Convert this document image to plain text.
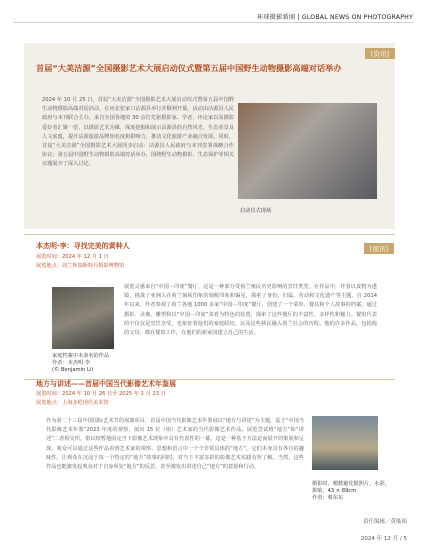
环球摄影新闻 | GLOBAL NEWS ON PHOTOGRAPHY
[资讯]
首届“大美洁源”全国摄影艺术大展启动仪式暨第五届中国野生动物摄影高端对话举办
2024 年 10 月 25 日，首届“大美洁源”全国摄影艺术大展启动仪式暨第五届中国野生动物摄影高端对话活动，在河北张家口沽源县举行并顺利开幕。活动由沽源县人民政府与本刊联合主办，来自全国各地的 30 余位先驱摄影家、学者、评论家以及摄影爱好者汇聚一堂，以摄影艺术为媒，深度挖掘和展示沽源县的自然风光、生态美景及人文底蕴，提升沽源旅游品牌知名度和影响力，推动文化旅游产业融合发展。同时，首届“大美洁源”全国摄影艺术大展同步启动：沽源县人民政府与本刊签署战略合作协议；第五届中国野生动物摄影高端对话举办，围绕野生动物摄影、生态保护等相关议题展开了深入讨论。
启动仪式现场
[展讯]
本杰明·李：寻找完美的黄种人
展览时间：2024 年 12 月 1 日
展览地点：周兰辉瑞斯特丹摄影博物馆
家庭档案中未命名的作品
作者：本杰明·李
(© Benjamin Li)
展览灵感来自“中国－印度”餐厅，这是一种部分受荷兰殖民历史影响的烹饪类型。在作品中，作者以食物为透镜，挑战了亚洲人在荷兰刻板印象的刻板印象和偏见，探索了身份、归属、劳动和文化遗产等主题。自 2014 年以来，作者参观了荷兰各地 1000 多家“中国－印度”餐厅，创建了一个菜单、餐具和个人故事的档案。通过摄影、录像、雕塑和以“中国－印度”菜肴为特色的装置，探索了这些餐厅的丰富性、多样性和魅力。餐馆代表的不仅仅是烹饪享受，也象征着他们的家庭联结，以及这些移民融入荷兰社会的历程。他的许多作品，包括他的父母，都在餐馆工作，在他们的新家园建立自己的生活。
地方与讲述——首届中国当代影像艺术年鉴展
展览时间：2024 年 10 月 26 日至 2025 年 2 月 23 日
展览地点：上海多伦现代美术馆
作为第二十三届中国国际艺术节的展演项目，首届中国当代影像艺术年鉴展以“地方与讲述”为主题，基于“中国当代影像艺术年鉴”2023 年度的观察，展出 15 位（组）艺术家的当代影像艺术作品。展览尝试将“地方”和“讲述”二者相交织，借以短暂地固定当下影像艺术现象中具有代表性的一幕。这是一种基于方法论而展开的策展和呈现。观众可以通过这些作品看到艺术家的观察、思想和语言中一个个非常具体的“地方”，它们本身具有各自的趣味性。让观众在沉浸于每一个特定的“地方”故事的同时，对当下丰富多彩的影像艺术实践有所了解。当然，这些作品也能激发起观众对于自身所处“地方”的反思，甚至激发出讲述自己“地方”的意愿和行动。
摄影时、嗯数避化银照片，水彩，
拼贴，43 × 89cm
作者：蔡东东
责任编辑／黄舷裕
2024 年 12 月 / 5
